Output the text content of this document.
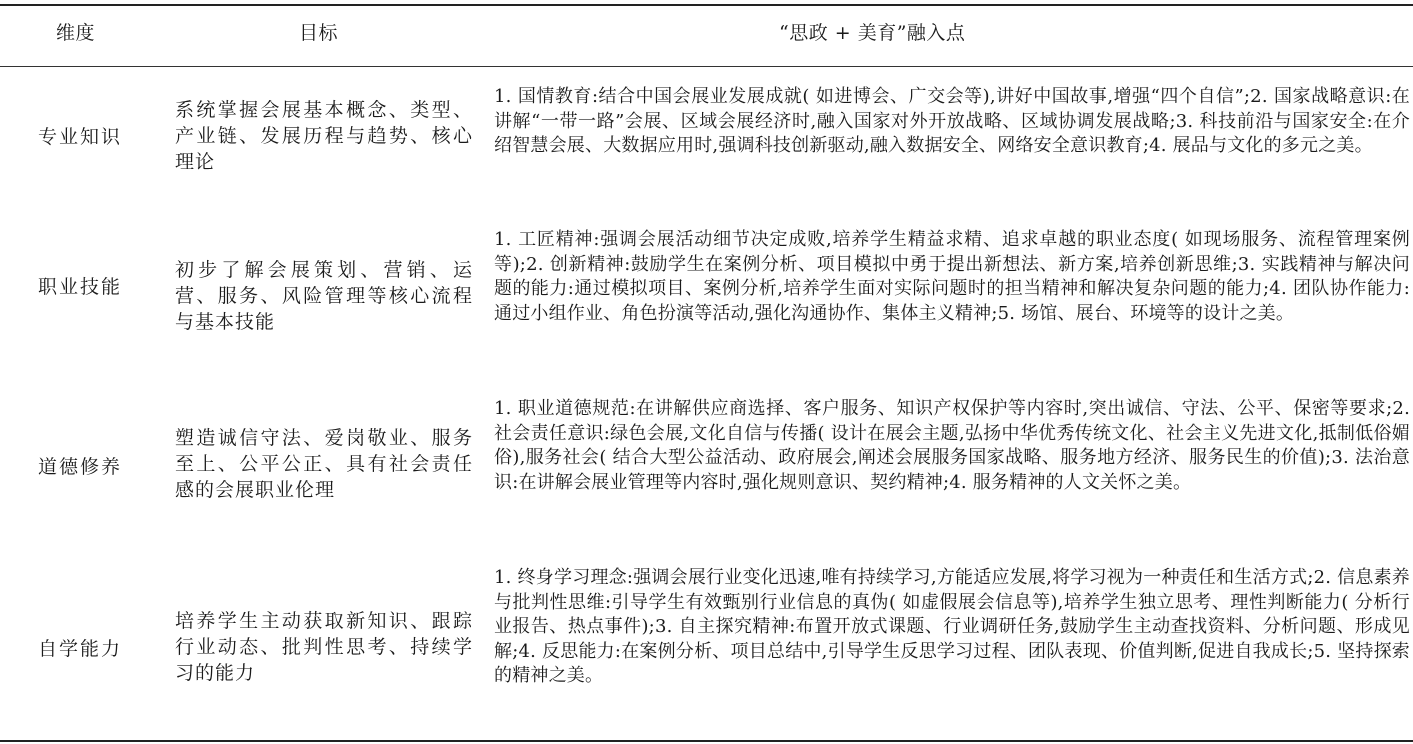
维度	目标	“思政 + 美育”融入点
专业知识
系统掌握会展基本概念、类型、产业链、发展历程与趋势、核心理论
1. 国情教育:结合中国会展业发展成就( 如进博会、广交会等),讲好中国故事,增强“四个自信”;2. 国家战略意识:在讲解“一带一路”会展、区域会展经济时,融入国家对外开放战略、区域协调发展战略;3. 科技前沿与国家安全:在介绍智慧会展、大数据应用时,强调科技创新驱动,融入数据安全、网络安全意识教育;4. 展品与文化的多元之美。
职业技能
初步了解会展策划、营销、运营、服务、风险管理等核心流程与基本技能
1. 工匠精神:强调会展活动细节决定成败,培养学生精益求精、追求卓越的职业态度( 如现场服务、流程管理案例等);2. 创新精神:鼓励学生在案例分析、项目模拟中勇于提出新想法、新方案,培养创新思维;3. 实践精神与解决问题的能力:通过模拟项目、案例分析,培养学生面对实际问题时的担当精神和解决复杂问题的能力;4. 团队协作能力:通过小组作业、角色扮演等活动,强化沟通协作、集体主义精神;5. 场馆、展台、环境等的设计之美。
道德修养
塑造诚信守法、爱岗敬业、服务至上、公平公正、具有社会责任感的会展职业伦理
1. 职业道德规范:在讲解供应商选择、客户服务、知识产权保护等内容时,突出诚信、守法、公平、保密等要求;2. 社会责任意识:绿色会展,文化自信与传播( 设计在展会主题,弘扬中华优秀传统文化、社会主义先进文化,抵制低俗媚俗),服务社会( 结合大型公益活动、政府展会,阐述会展服务国家战略、服务地方经济、服务民生的价值);3. 法治意识:在讲解会展业管理等内容时,强化规则意识、契约精神;4. 服务精神的人文关怀之美。
自学能力
培养学生主动获取新知识、跟踪行业动态、批判性思考、持续学习的能力
1. 终身学习理念:强调会展行业变化迅速,唯有持续学习,方能适应发展,将学习视为一种责任和生活方式;2. 信息素养与批判性思维:引导学生有效甄别行业信息的真伪( 如虚假展会信息等),培养学生独立思考、理性判断能力( 分析行业报告、热点事件);3. 自主探究精神:布置开放式课题、行业调研任务,鼓励学生主动查找资料、分析问题、形成见解;4. 反思能力:在案例分析、项目总结中,引导学生反思学习过程、团队表现、价值判断,促进自我成长;5. 坚持探索的精神之美。
